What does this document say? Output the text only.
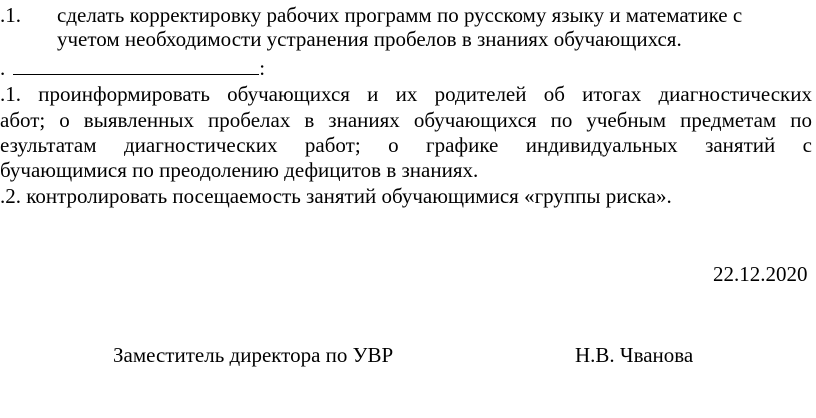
.1. сделать корректировку рабочих программ по русскому языку и математике с
учетом необходимости устранения пробелов в знаниях обучающихся.
.	:
.1. проинформировать обучающихся и их родителей об итогах диагностических
абот; о выявленных пробелах в знаниях обучающихся по учебным предметам по
езультатам диагностических работ; о графике индивидуальных занятий с
бучающимися по преодолению дефицитов в знаниях.
.2. контролировать посещаемость занятий обучающимися «группы риска».
22.12.2020
Заместитель директора по УВР	Н.В. Чванова
